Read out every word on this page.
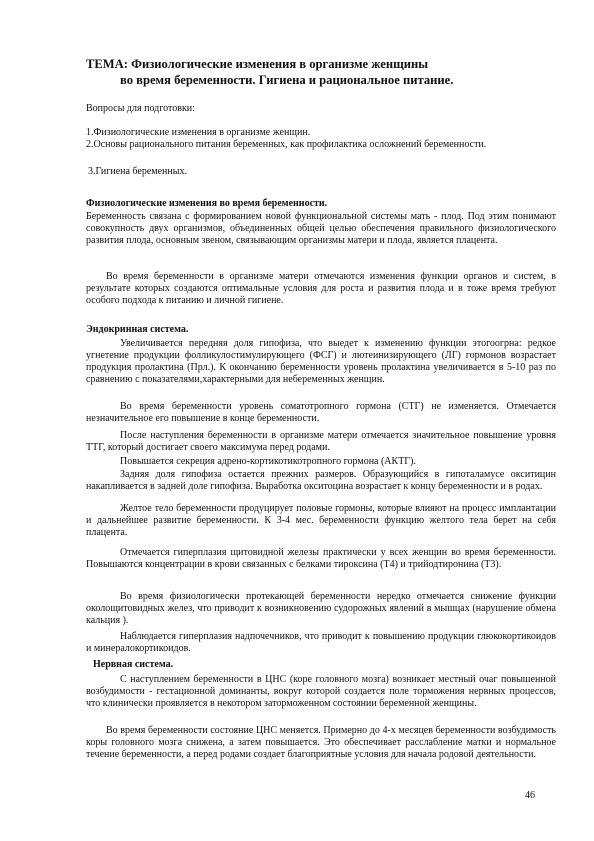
ТЕМА: Физиологические изменения в организме женщины
во время беременности. Гигиена и рациональное питание.
Вопросы для подготовки:
1.Физиологические изменения в организме женщин.
2.Основы рационального питания беременных, как профилактика осложнений беременности.
3.Гигиена беременных.
Физиологические изменения во время беременности.
Беременность связана с формированием новой функциональной системы мать - плод. Под этим понимают совокупность двух организмов, объединенных общей целью обеспечения правильного физиологического развития плода, основным звеном, связывающим организмы матери и плода, является плацента.
Во время беременности в организме матери отмечаются изменения функции органов и систем, в результате которых создаются оптимальные условия для роста и развития плода и в тоже время требуют особого подхода к питанию и личной гигиене.
Эндокринная система.
Увеличивается передняя доля гипофиза, что выедет к изменению функции этогоогрна: редкое угнетение продукции фолликулостимулирующего (ФСГ) и лютеинизирующего (ЛГ) гормонов возрастает продукция пролактина (Прл.). К окончанию беременности уровень пролактина увеличивается в 5-10 раз по сравнению с показателями,характерными для небеременных женщин.
Во время беременности уровень соматотропного гормона (СТГ) не изменяется. Отмечается незначительное его повышение в конце беременности.
После наступления беременности в организме матери отмечается значительное повышение уровня ТТГ, который достигает своего максимума перед родами.
Повышается секреция адрено-кортикотикотропного гормона (АКТГ).
Задняя доля гипофиза остается прежних размеров. Образующийся в гипоталамусе окситицин накапливается в задней доле гипофиза. Выработка окситоцина возрастает к концу беременности и в родах.
Желтое тело беременности продуцирует половые гормоны, которые влияют на процесс имплантации и дальнейшее развитие беременности. К 3-4 мес. беременности функцию желтого тела берет на себя плацента.
Отмечается гиперплазия щитовидной железы практически у всех женщин во время беременности. Повышаются концентрации в крови связанных с белками тироксина (Т4) и трийодтиронина (Т3).
Во время физиологически протекающей беременности нередко отмечается снижение функции околощитовидных желез, что приводит к возникновению судорожных явлений в мышцах (нарушение обмена кальция ).
Наблюдается гиперплазия надпочечников, что приводит к повышению продукции глюкокортикоидов и минералокортикоидов.
Нервная система.
С наступлением беременности в ЦНС (коре головного мозга) возникает местный очаг повышенной возбудимости - гестационной доминанты, вокруг которой создается поле торможения нервных процессов, что клинически проявляется в некотором заторможенном состоянии беременной женщины.
Во время беременности состояние ЦНС меняется. Примерно до 4-х месяцев беременности возбудимость коры головного мозга снижена, а затем повышается. Это обеспечивает расслабление матки и нормальное течение беременности, а перед родами создает благоприятные условия для начала родовой деятельности.
46
